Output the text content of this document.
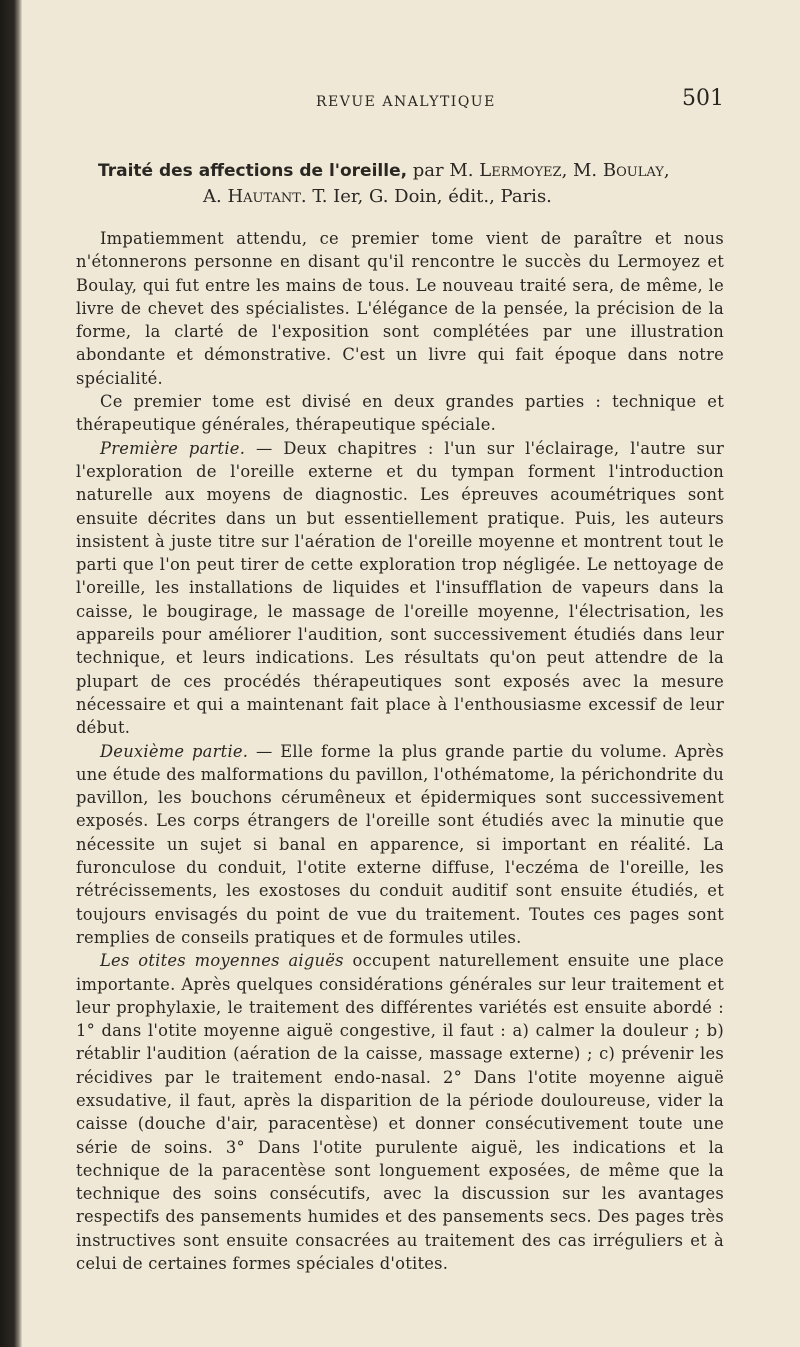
REVUE ANALYTIQUE	501
Traité des affections de l'oreille, par M. Lermoyez, M. Boulay,
A. Hautant. T. Ier, G. Doin, édit., Paris.

Impatiemment attendu, ce premier tome vient de paraître et nous n'étonnerons personne en disant qu'il rencontre le succès du Lermoyez et Boulay, qui fut entre les mains de tous. Le nouveau traité sera, de même, le livre de chevet des spécialistes. L'élégance de la pensée, la précision de la forme, la clarté de l'exposition sont complétées par une illustration abondante et démonstrative. C'est un livre qui fait époque dans notre spécialité.

Ce premier tome est divisé en deux grandes parties : technique et thérapeutique générales, thérapeutique spéciale.

Première partie. — Deux chapitres : l'un sur l'éclairage, l'autre sur l'exploration de l'oreille externe et du tympan forment l'introduction naturelle aux moyens de diagnostic. Les épreuves acoumétriques sont ensuite décrites dans un but essentiellement pratique. Puis, les auteurs insistent à juste titre sur l'aération de l'oreille moyenne et montrent tout le parti que l'on peut tirer de cette exploration trop négligée. Le nettoyage de l'oreille, les installations de liquides et l'insufflation de vapeurs dans la caisse, le bougirage, le massage de l'oreille moyenne, l'électrisation, les appareils pour améliorer l'audition, sont successivement étudiés dans leur technique, et leurs indications. Les résultats qu'on peut attendre de la plupart de ces procédés thérapeutiques sont exposés avec la mesure nécessaire et qui a maintenant fait place à l'enthousiasme excessif de leur début.

Deuxième partie. — Elle forme la plus grande partie du volume. Après une étude des malformations du pavillon, l'othématome, la périchondrite du pavillon, les bouchons cérumêneux et épidermiques sont successivement exposés. Les corps étrangers de l'oreille sont étudiés avec la minutie que nécessite un sujet si banal en apparence, si important en réalité. La furonculose du conduit, l'otite externe diffuse, l'eczéma de l'oreille, les rétrécissements, les exostoses du conduit auditif sont ensuite étudiés, et toujours envisagés du point de vue du traitement. Toutes ces pages sont remplies de conseils pratiques et de formules utiles.

Les otites moyennes aiguës occupent naturellement ensuite une place importante. Après quelques considérations générales sur leur traitement et leur prophylaxie, le traitement des différentes variétés est ensuite abordé : 1° dans l'otite moyenne aiguë congestive, il faut : a) calmer la douleur ; b) rétablir l'audition (aération de la caisse, massage externe) ; c) prévenir les récidives par le traitement endo-nasal. 2° Dans l'otite moyenne aiguë exsudative, il faut, après la disparition de la période douloureuse, vider la caisse (douche d'air, paracentèse) et donner consécutivement toute une série de soins. 3° Dans l'otite purulente aiguë, les indications et la technique de la paracentèse sont longuement exposées, de même que la technique des soins consécutifs, avec la discussion sur les avantages respectifs des pansements humides et des pansements secs. Des pages très instructives sont ensuite consacrées au traitement des cas irréguliers et à celui de certaines formes spéciales d'otites.
